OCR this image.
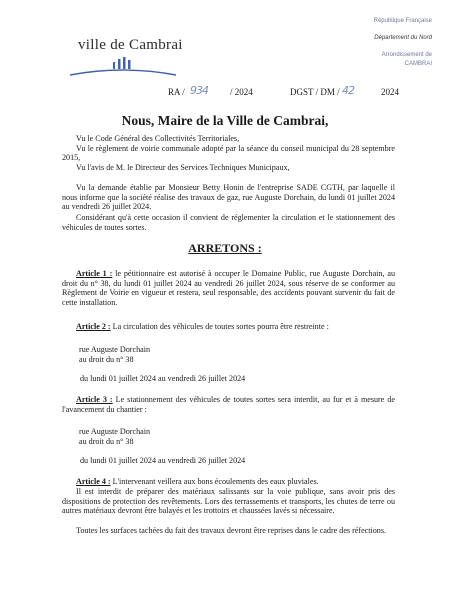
ville de Cambrai
République Française
Département du Nord
Arrondissement de
CAMBRAI
RA / 934 / 2024	DGST / DM / 42	2024
Nous, Maire de la Ville de Cambrai,
Vu le Code Général des Collectivités Territoriales,
Vu le règlement de voirie communale adopté par la séance du conseil municipal du 28 septembre 2015,
Vu l'avis de M. le Directeur des Services Techniques Municipaux,
Vu la demande établie par Monsieur Betty Honin de l'entreprise SADE CGTH, par laquelle il nous informe que la société réalise des travaux de gaz, rue Auguste Dorchain, du lundi 01 juillet 2024 au vendredi 26 juillet 2024.
Considérant qu'à cette occasion il convient de réglementer la circulation et le stationnement des véhicules de toutes sortes.
ARRETONS :
Article 1 : le pétitionnaire est autorisé à occuper le Domaine Public, rue Auguste Dorchain, au droit du n° 38, du lundi 01 juillet 2024 au vendredi 26 juillet 2024, sous réserve de se conformer au Règlement de Voirie en vigueur et restera, seul responsable, des accidents pouvant survenir du fait de cette installation.
Article 2 : La circulation des véhicules de toutes sortes pourra être restreinte :
rue Auguste Dorchain
au droit du n° 38
du lundi 01 juillet 2024 au vendredi 26 juillet 2024
Article 3 : Le stationnement des véhicules de toutes sortes sera interdit, au fur et à mesure de l'avancement du chantier :
rue Auguste Dorchain
au droit du n° 38
du lundi 01 juillet 2024 au vendredi 26 juillet 2024
Article 4 : L'intervenant veillera aux bons écoulements des eaux pluviales.
Il est interdit de préparer des matériaux salissants sur la voie publique, sans avoir pris des dispositions de protection des revêtements. Lors des terrassements et transports, les chutes de terre ou autres matériaux devront être balayés et les trottoirs et chaussées lavés si nécessaire.
Toutes les surfaces tachées du fait des travaux devront être reprises dans le cadre des réfections.
